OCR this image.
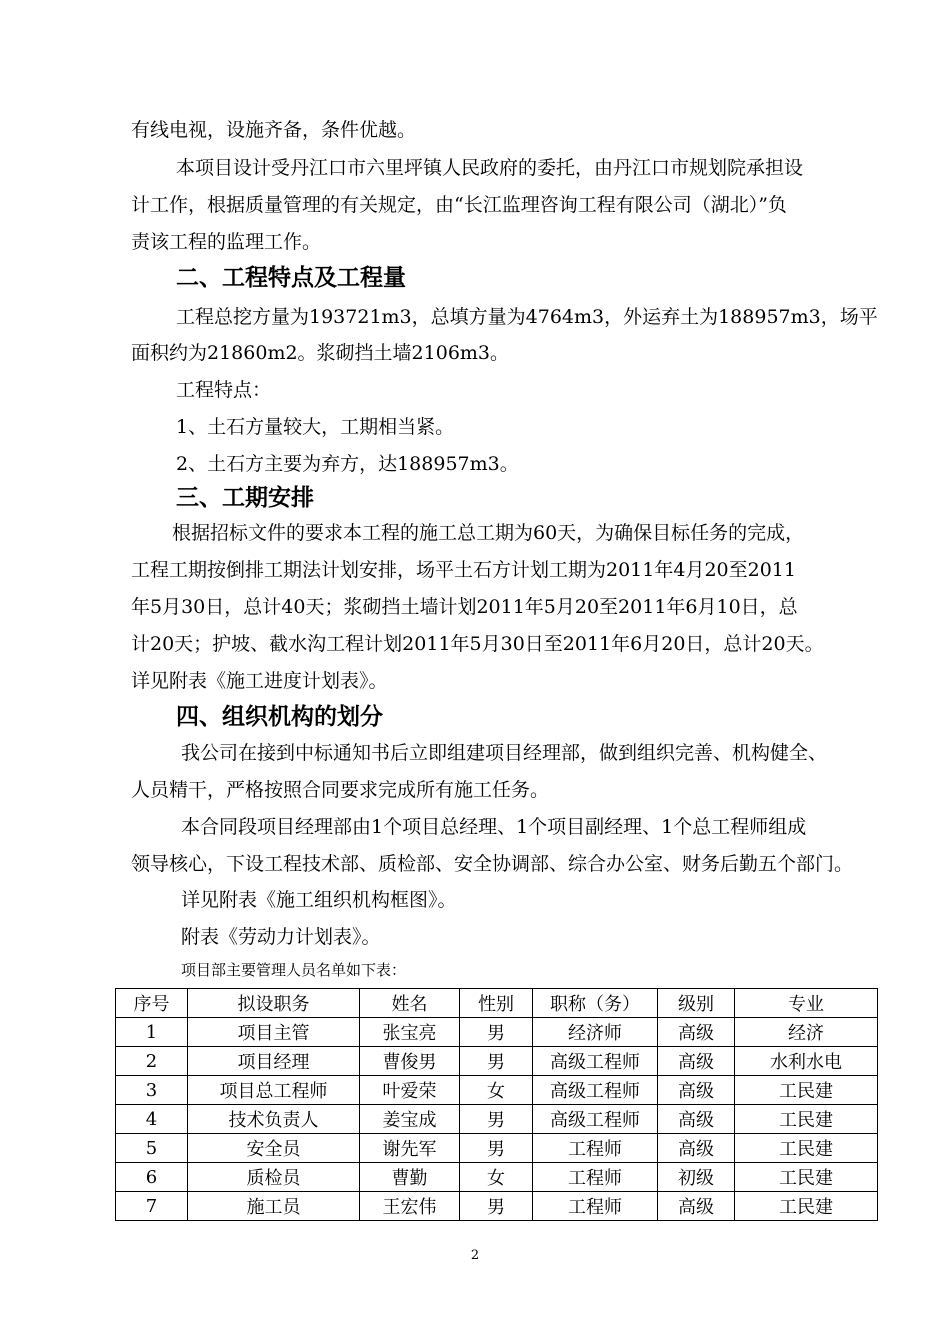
有线电视，设施齐备，条件优越。
本项目设计受丹江口市六里坪镇人民政府的委托，由丹江口市规划院承担设
计工作，根据质量管理的有关规定，由“长江监理咨询工程有限公司（湖北）”负
责该工程的监理工作。
二、工程特点及工程量
工程总挖方量为193721m3，总填方量为4764m3，外运弃土为188957m3，场平
面积约为21860m2。浆砌挡土墙2106m3。
工程特点：
1、土石方量较大，工期相当紧。
2、土石方主要为弃方，达188957m3。
三、工期安排
根据招标文件的要求本工程的施工总工期为60天，为确保目标任务的完成，
工程工期按倒排工期法计划安排，场平土石方计划工期为2011年4月20至2011
年5月30日，总计40天；浆砌挡土墙计划2011年5月20至2011年6月10日，总
计20天；护坡、截水沟工程计划2011年5月30日至2011年6月20日，总计20天。
详见附表《施工进度计划表》。
四、组织机构的划分
我公司在接到中标通知书后立即组建项目经理部，做到组织完善、机构健全、
人员精干，严格按照合同要求完成所有施工任务。
本合同段项目经理部由1个项目总经理、1个项目副经理、1个总工程师组成
领导核心，下设工程技术部、质检部、安全协调部、综合办公室、财务后勤五个部门。
详见附表《施工组织机构框图》。
附表《劳动力计划表》。
项目部主要管理人员名单如下表：
序号	拟设职务	姓名	性别	职称（务）	级别	专业
1	项目主管	张宝亮	男	经济师	高级	经济
2	项目经理	曹俊男	男	高级工程师	高级	水利水电
3	项目总工程师	叶爱荣	女	高级工程师	高级	工民建
4	技术负责人	姜宝成	男	高级工程师	高级	工民建
5	安全员	谢先军	男	工程师	高级	工民建
6	质检员	曹勤	女	工程师	初级	工民建
7	施工员	王宏伟	男	工程师	高级	工民建
2
